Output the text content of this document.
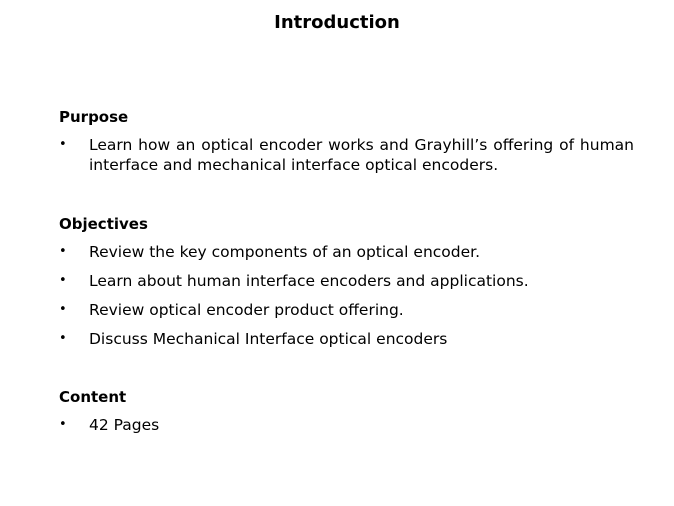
Introduction
Purpose
• Learn how an optical encoder works and Grayhill’s offering of human interface and mechanical interface optical encoders.
Objectives
• Review the key components of an optical encoder.
• Learn about human interface encoders and applications.
• Review optical encoder product offering.
• Discuss Mechanical Interface optical encoders
Content
• 42 Pages
